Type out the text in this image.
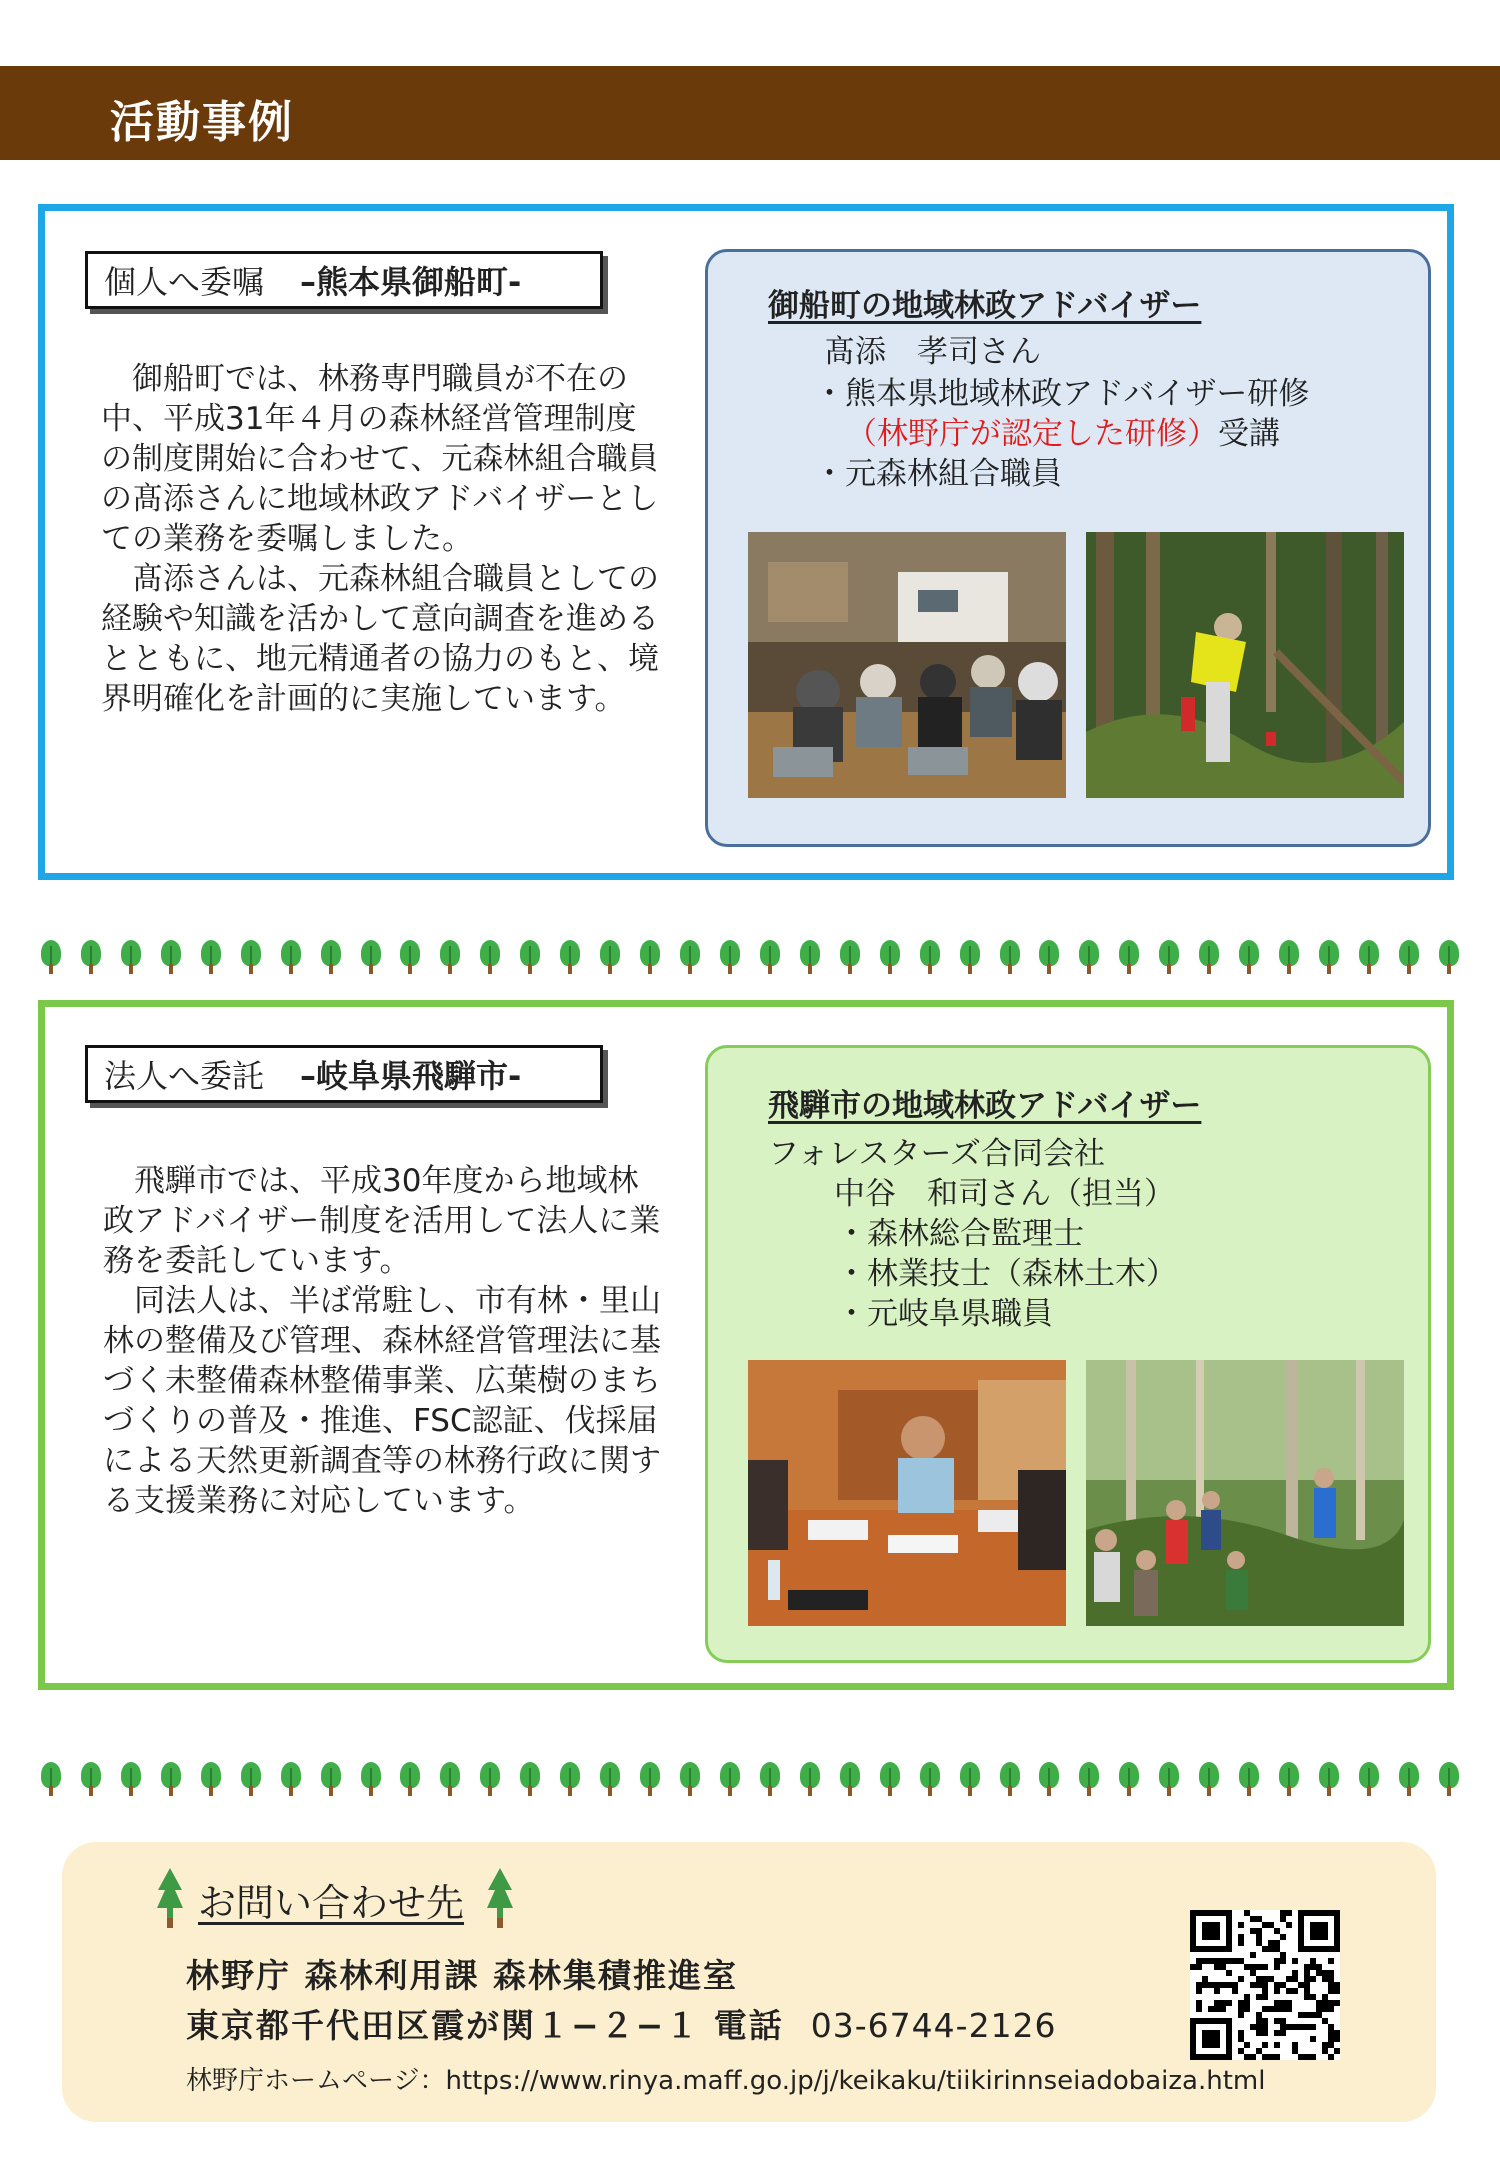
活動事例
個人へ委嘱 –熊本県御船町-

御船町では、林務専門職員が不在の中、平成31年４月の森林経営管理制度の制度開始に合わせて、元森林組合職員の髙添さんに地域林政アドバイザーとしての業務を委嘱しました。

髙添さんは、元森林組合職員としての経験や知識を活かして意向調査を進めるとともに、地元精通者の協力のもと、境界明確化を計画的に実施しています。

御船町の地域林政アドバイザー
髙添　孝司さん
・熊本県地域林政アドバイザー研修
（林野庁が認定した研修）受講
・元森林組合職員
法人へ委託 –岐阜県飛騨市-

飛騨市では、平成30年度から地域林政アドバイザー制度を活用して法人に業務を委託しています。

同法人は、半ば常駐し、市有林・里山林の整備及び管理、森林経営管理法に基づく未整備森林整備事業、広葉樹のまちづくりの普及・推進、FSC認証、伐採届による天然更新調査等の林務行政に関する支援業務に対応しています。

飛騨市の地域林政アドバイザー
フォレスターズ合同会社
中谷　和司さん（担当）
・森林総合監理士
・林業技士（森林土木）
・元岐阜県職員
お問い合わせ先
林野庁 森林利用課 森林集積推進室
東京都千代田区霞が関１−２−１ 電話 03-6744-2126
林野庁ホームページ：https://www.rinya.maff.go.jp/j/keikaku/tiikirinnseiadobaiza.html
